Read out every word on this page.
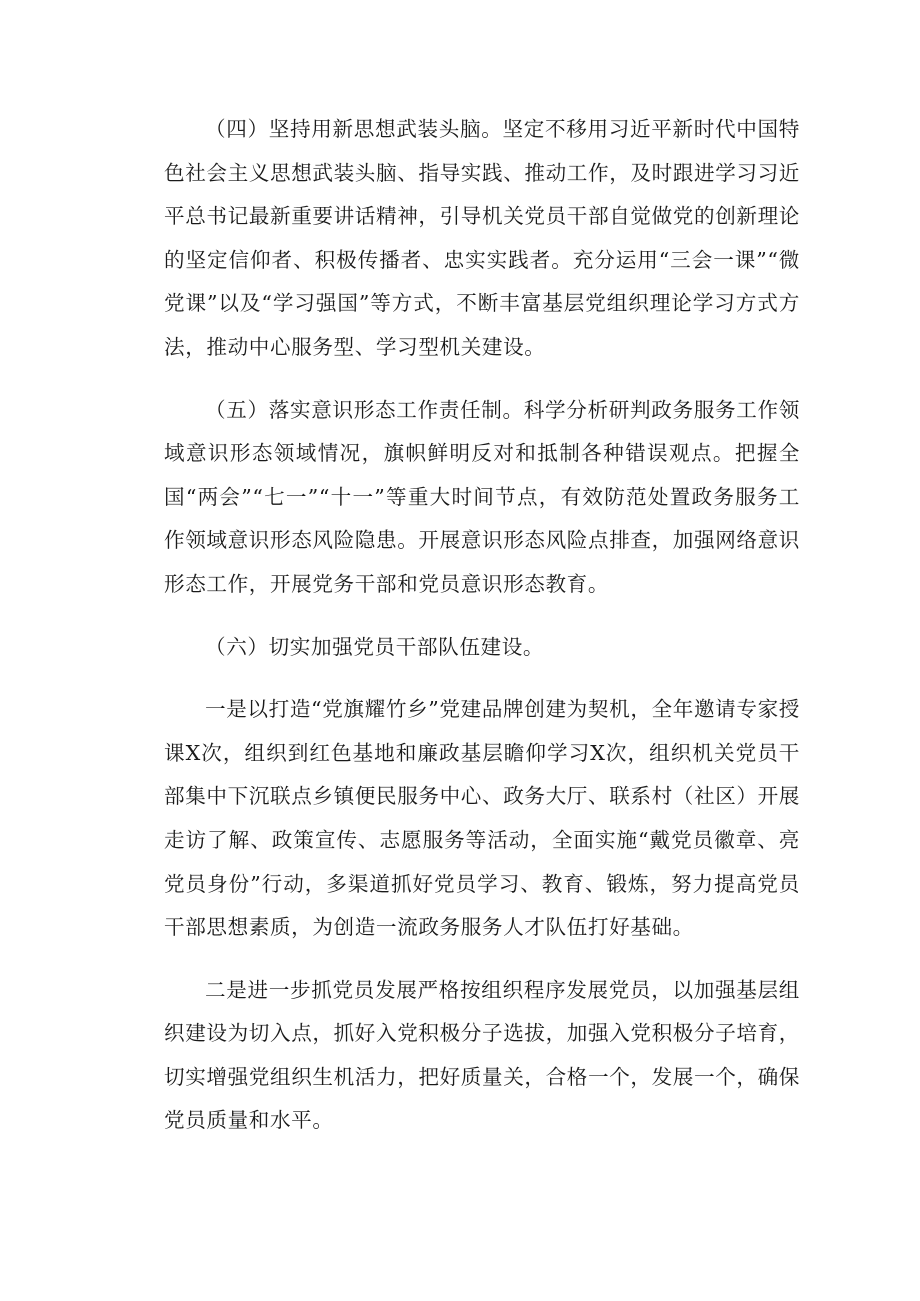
（四）坚持用新思想武装头脑。坚定不移用习近平新时代中国特色社会主义思想武装头脑、指导实践、推动工作，及时跟进学习习近平总书记最新重要讲话精神，引导机关党员干部自觉做党的创新理论的坚定信仰者、积极传播者、忠实实践者。充分运用“三会一课”“微党课”以及“学习强国”等方式，不断丰富基层党组织理论学习方式方法，推动中心服务型、学习型机关建设。

（五）落实意识形态工作责任制。科学分析研判政务服务工作领域意识形态领域情况，旗帜鲜明反对和抵制各种错误观点。把握全国“两会”“七一”“十一”等重大时间节点，有效防范处置政务服务工作领域意识形态风险隐患。开展意识形态风险点排查，加强网络意识形态工作，开展党务干部和党员意识形态教育。

（六）切实加强党员干部队伍建设。

一是以打造“党旗耀竹乡”党建品牌创建为契机，全年邀请专家授课X次，组织到红色基地和廉政基层瞻仰学习X次，组织机关党员干部集中下沉联点乡镇便民服务中心、政务大厅、联系村（社区）开展走访了解、政策宣传、志愿服务等活动，全面实施“戴党员徽章、亮党员身份”行动，多渠道抓好党员学习、教育、锻炼，努力提高党员干部思想素质，为创造一流政务服务人才队伍打好基础。

二是进一步抓党员发展严格按组织程序发展党员，以加强基层组织建设为切入点，抓好入党积极分子选拔，加强入党积极分子培育，切实增强党组织生机活力，把好质量关，合格一个，发展一个，确保党员质量和水平。
